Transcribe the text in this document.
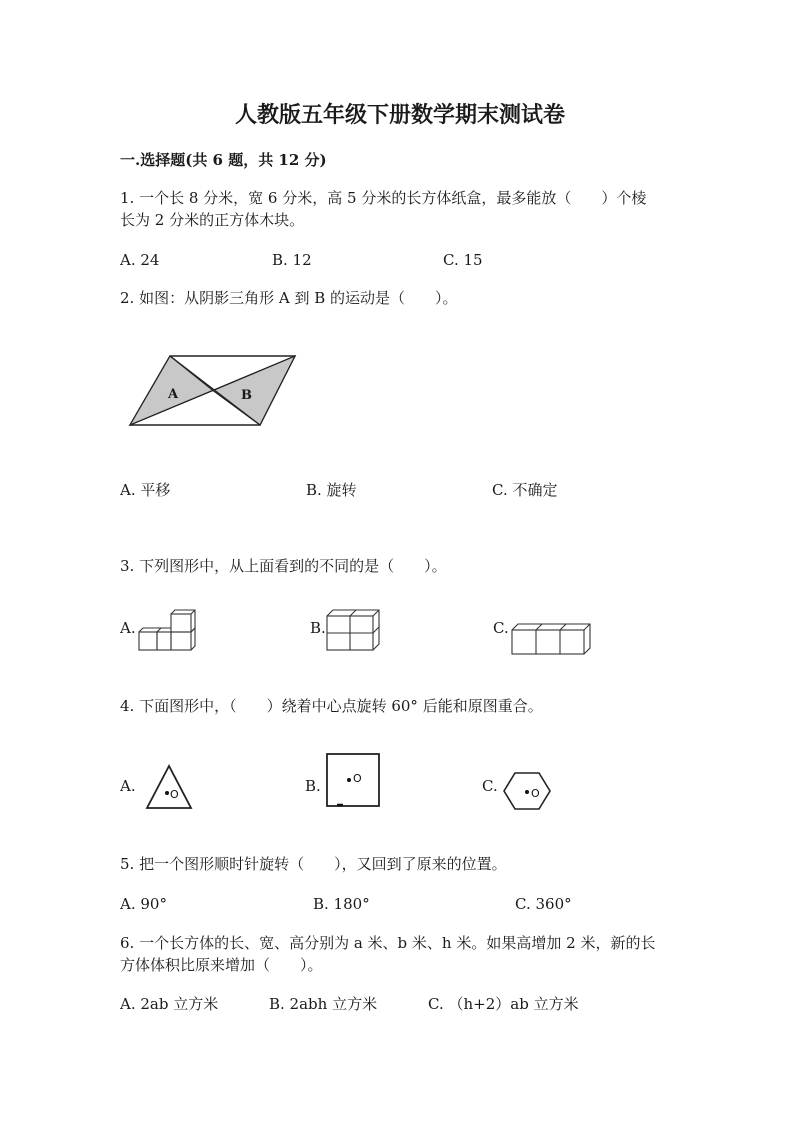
人教版五年级下册数学期末测试卷
一.选择题(共 6 题，共 12 分)
1. 一个长 8 分米，宽 6 分米，高 5 分米的长方体纸盒，最多能放（　　）个棱
长为 2 分米的正方体木块。
A. 24	B. 12	C. 15
2. 如图：从阴影三角形 A 到 B 的运动是（　　）。
A	B
A. 平移	B. 旋转	C. 不确定
3. 下列图形中，从上面看到的不同的是（　　）。
A.	B.	C.
4. 下面图形中，（　　）绕着中心点旋转 60° 后能和原图重合。
A.	O	B.	O	C.	O
5. 把一个图形顺时针旋转（　　），又回到了原来的位置。
A. 90°	B. 180°	C. 360°
6. 一个长方体的长、宽、高分别为 a 米、b 米、h 米。如果高增加 2 米，新的长
方体体积比原来增加（　　）。
A. 2ab 立方米	B. 2abh 立方米	C. （h+2）ab 立方米
